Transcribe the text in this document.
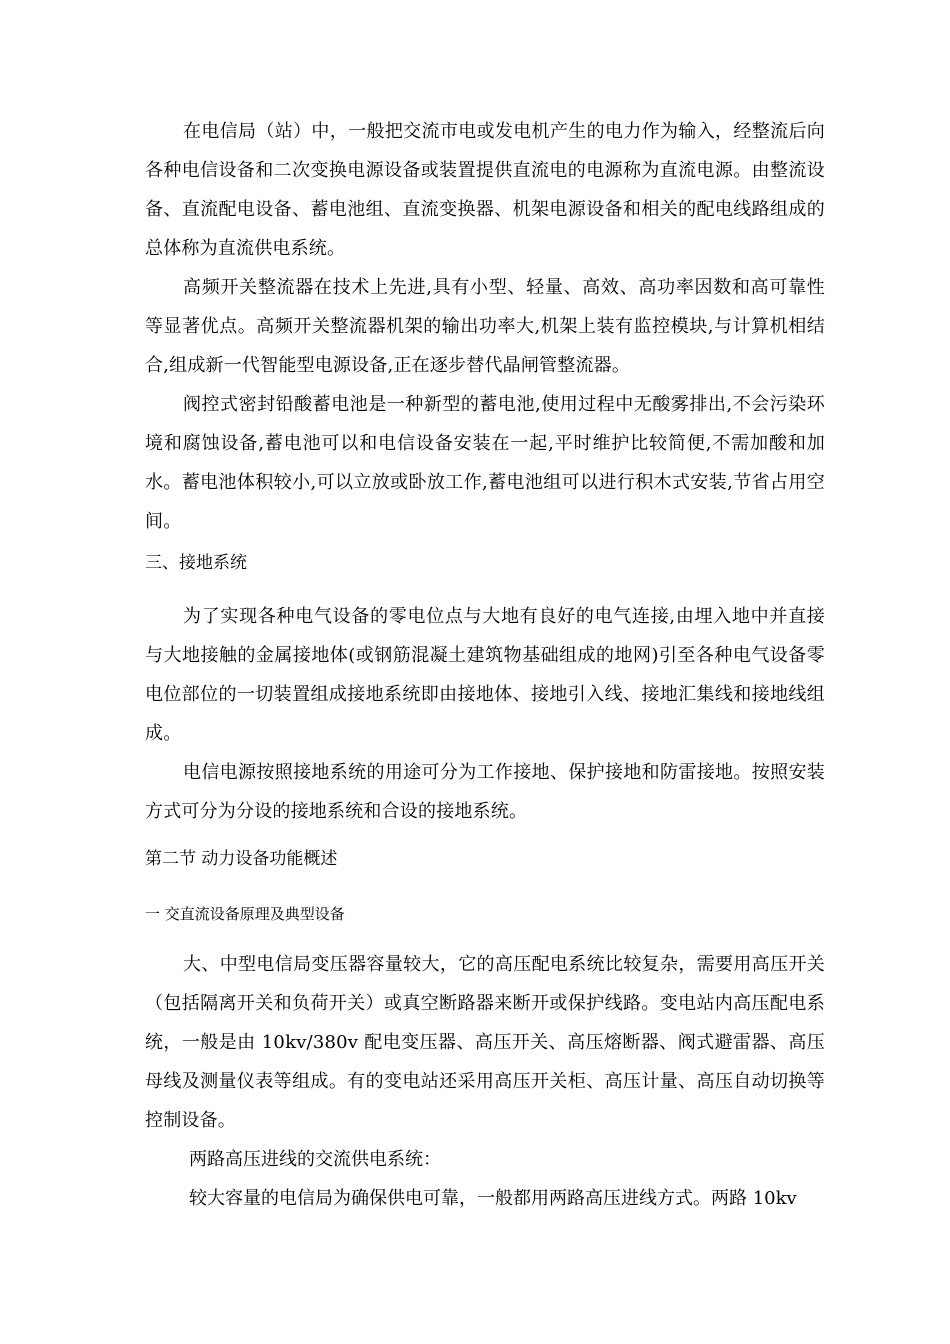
在电信局（站）中，一般把交流市电或发电机产生的电力作为输入，经整流后向各种电信设备和二次变换电源设备或装置提供直流电的电源称为直流电源。由整流设备、直流配电设备、蓄电池组、直流变换器、机架电源设备和相关的配电线路组成的总体称为直流供电系统。

高频开关整流器在技术上先进,具有小型、轻量、高效、高功率因数和高可靠性等显著优点。高频开关整流器机架的输出功率大,机架上装有监控模块,与计算机相结合,组成新一代智能型电源设备,正在逐步替代晶闸管整流器。

阀控式密封铅酸蓄电池是一种新型的蓄电池,使用过程中无酸雾排出,不会污染环境和腐蚀设备,蓄电池可以和电信设备安装在一起,平时维护比较简便,不需加酸和加水。蓄电池体积较小,可以立放或卧放工作,蓄电池组可以进行积木式安装,节省占用空间。

三、接地系统

为了实现各种电气设备的零电位点与大地有良好的电气连接,由埋入地中并直接与大地接触的金属接地体(或钢筋混凝土建筑物基础组成的地网)引至各种电气设备零电位部位的一切装置组成接地系统即由接地体、接地引入线、接地汇集线和接地线组成。

电信电源按照接地系统的用途可分为工作接地、保护接地和防雷接地。按照安装方式可分为分设的接地系统和合设的接地系统。

第二节 动力设备功能概述

一 交直流设备原理及典型设备

大、中型电信局变压器容量较大，它的高压配电系统比较复杂，需要用高压开关（包括隔离开关和负荷开关）或真空断路器来断开或保护线路。变电站内高压配电系统，一般是由 10kv/380v 配电变压器、高压开关、高压熔断器、阀式避雷器、高压母线及测量仪表等组成。有的变电站还采用高压开关柜、高压计量、高压自动切换等控制设备。

两路高压进线的交流供电系统：

较大容量的电信局为确保供电可靠，一般都用两路高压进线方式。两路 10kv
